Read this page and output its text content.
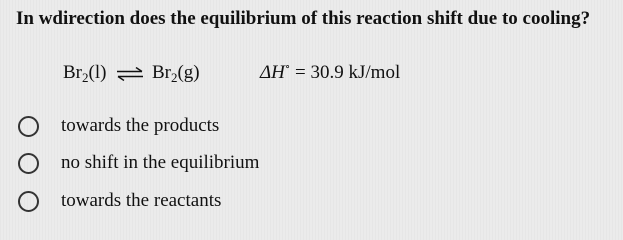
In wdirection does the equilibrium of this reaction shift due to cooling?

$Br_2(l)$ ⇌ $Br_2(g)$	ΔH∘ = 30.9 kJ/mol
towards the products
no shift in the equilibrium
towards the reactants
